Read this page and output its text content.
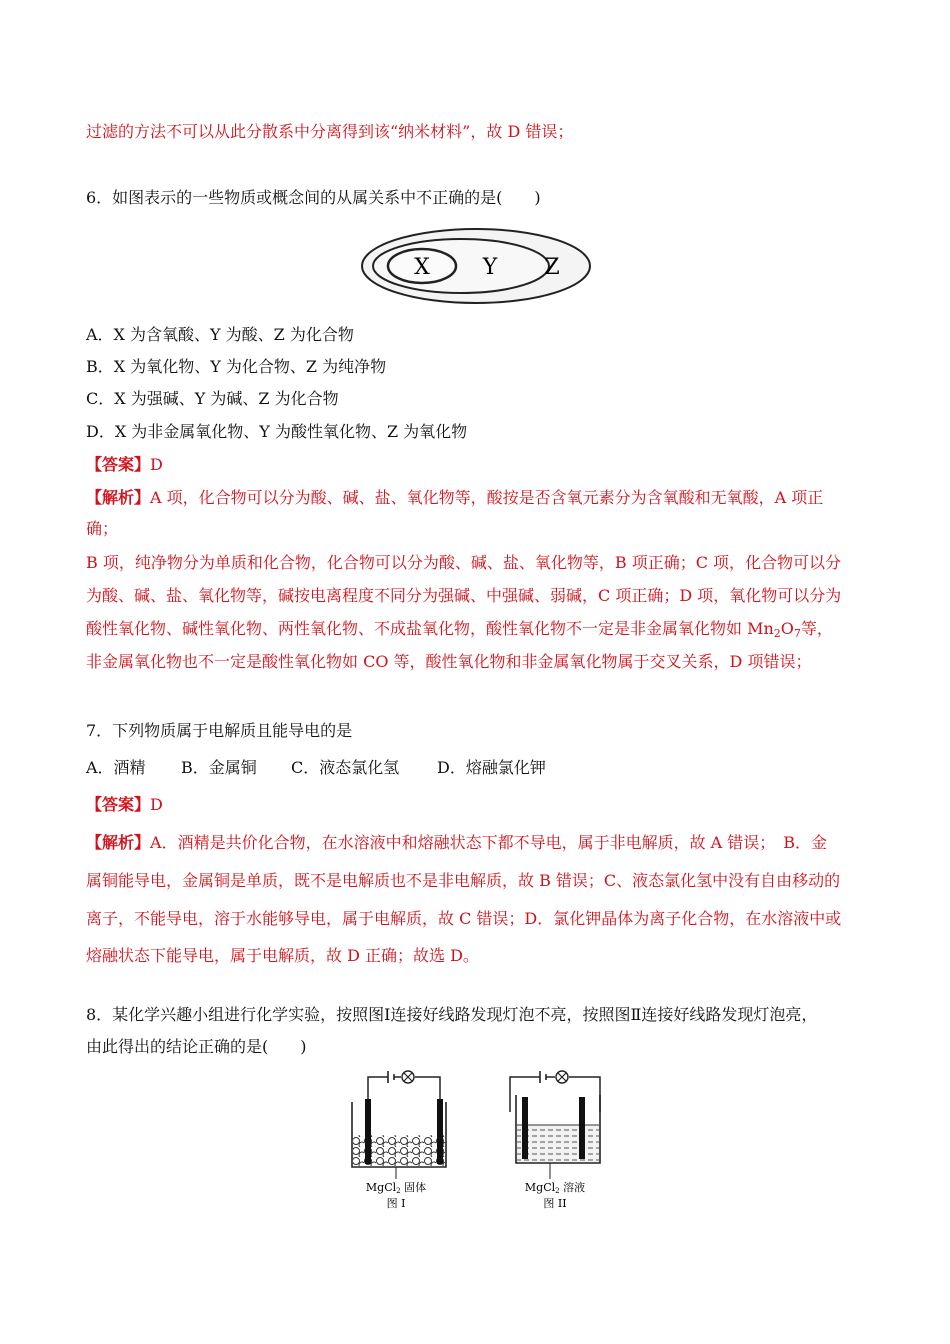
过滤的方法不可以从此分散系中分离得到该“纳米材料”，故 D 错误；
6．如图表示的一些物质或概念间的从属关系中不正确的是(　　)
X Y Z
A．X 为含氧酸、Y 为酸、Z 为化合物
B．X 为氧化物、Y 为化合物、Z 为纯净物
C．X 为强碱、Y 为碱、Z 为化合物
D．X 为非金属氧化物、Y 为酸性氧化物、Z 为氧化物
【答案】D
【解析】A 项，化合物可以分为酸、碱、盐、氧化物等，酸按是否含氧元素分为含氧酸和无氧酸，A 项正
确；
B 项，纯净物分为单质和化合物，化合物可以分为酸、碱、盐、氧化物等，B 项正确；C 项，化合物可以分
为酸、碱、盐、氧化物等，碱按电离程度不同分为强碱、中强碱、弱碱，C 项正确；D 项，氧化物可以分为
酸性氧化物、碱性氧化物、两性氧化物、不成盐氧化物，酸性氧化物不一定是非金属氧化物如 $Mn_2O_7$等，
非金属氧化物也不一定是酸性氧化物如 CO 等，酸性氧化物和非金属氧化物属于交叉关系，D 项错误；
7．下列物质属于电解质且能导电的是
A．酒精 B．金属铜 C．液态氯化氢 D．熔融氯化钾
【答案】D
【解析】A．酒精是共价化合物，在水溶液中和熔融状态下都不导电，属于非电解质，故 A 错误；　B．金
属铜能导电，金属铜是单质，既不是电解质也不是非电解质，故 B 错误；C、液态氯化氢中没有自由移动的
离子，不能导电，溶于水能够导电，属于电解质，故 C 错误；D．氯化钾晶体为离子化合物，在水溶液中或
熔融状态下能导电，属于电解质，故 D 正确；故选 D。
8．某化学兴趣小组进行化学实验，按照图Ⅰ连接好线路发现灯泡不亮，按照图Ⅱ连接好线路发现灯泡亮，
由此得出的结论正确的是(　　)
MgCl2 固体
图 I
MgCl2 溶液
图 II
